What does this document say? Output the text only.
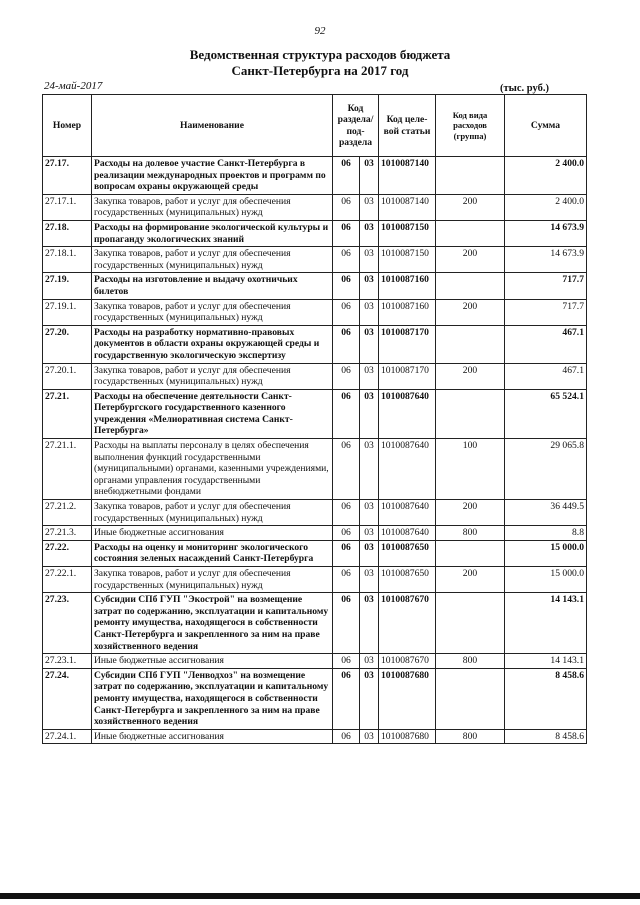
92
Ведомственная структура расходов бюджета
Санкт-Петербурга на 2017 год
24-май-2017	(тыс. руб.)
Номер	Наименование	Код раздела/ под-раздела		Код целе-вой статьи	Код вида расходов (группа)	Сумма
27.17.	Расходы на долевое участие Санкт-Петербурга в реализации международных проектов и программ по вопросам охраны окружающей среды	06	03	1010087140		2 400.0
27.17.1.	Закупка товаров, работ и услуг для обеспечения государственных (муниципальных) нужд	06	03	1010087140	200	2 400.0
27.18.	Расходы на формирование экологической культуры и пропаганду экологических знаний	06	03	1010087150		14 673.9
27.18.1.	Закупка товаров, работ и услуг для обеспечения государственных (муниципальных) нужд	06	03	1010087150	200	14 673.9
27.19.	Расходы на изготовление и выдачу охотничьих билетов	06	03	1010087160		717.7
27.19.1.	Закупка товаров, работ и услуг для обеспечения государственных (муниципальных) нужд	06	03	1010087160	200	717.7
27.20.	Расходы на разработку нормативно-правовых документов в области охраны окружающей среды и государственную экологическую экспертизу	06	03	1010087170		467.1
27.20.1.	Закупка товаров, работ и услуг для обеспечения государственных (муниципальных) нужд	06	03	1010087170	200	467.1
27.21.	Расходы на обеспечение деятельности Санкт-Петербургского государственного казенного учреждения «Мелиоративная система Санкт-Петербурга»	06	03	1010087640		65 524.1
27.21.1.	Расходы на выплаты персоналу в целях обеспечения выполнения функций государственными (муниципальными) органами, казенными учреждениями, органами управления государственными внебюджетными фондами	06	03	1010087640	100	29 065.8
27.21.2.	Закупка товаров, работ и услуг для обеспечения государственных (муниципальных) нужд	06	03	1010087640	200	36 449.5
27.21.3.	Иные бюджетные ассигнования	06	03	1010087640	800	8.8
27.22.	Расходы на оценку и мониторинг экологического состояния зеленых насаждений Санкт-Петербурга	06	03	1010087650		15 000.0
27.22.1.	Закупка товаров, работ и услуг для обеспечения государственных (муниципальных) нужд	06	03	1010087650	200	15 000.0
27.23.	Субсидии СПб ГУП "Экострой" на возмещение затрат по содержанию, эксплуатации и капитальному ремонту имущества, находящегося в собственности Санкт-Петербурга и закрепленного за ним на праве хозяйственного ведения	06	03	1010087670		14 143.1
27.23.1.	Иные бюджетные ассигнования	06	03	1010087670	800	14 143.1
27.24.	Субсидии СПб ГУП "Ленводхоз" на возмещение затрат по содержанию, эксплуатации и капитальному ремонту имущества, находящегося в собственности Санкт-Петербурга и закрепленного за ним на праве хозяйственного ведения	06	03	1010087680		8 458.6
27.24.1.	Иные бюджетные ассигнования	06	03	1010087680	800	8 458.6
